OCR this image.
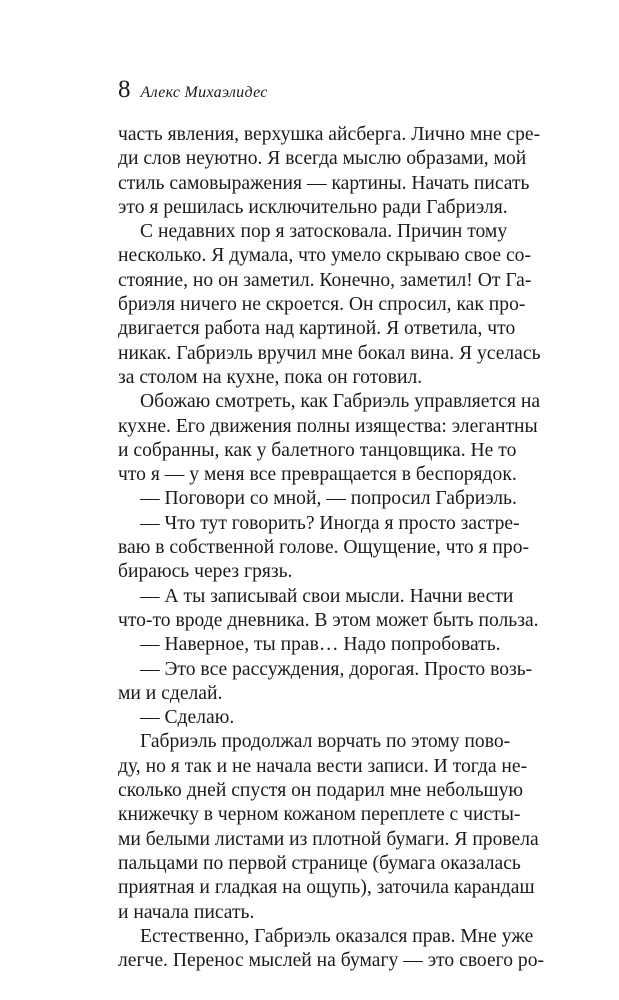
8 Алекс Михаэлидес
часть явления, верхушка айсберга. Лично мне сре-
ди слов неуютно. Я всегда мыслю образами, мой
стиль самовыражения — картины. Начать писать
это я решилась исключительно ради Габриэля.
С недавних пор я затосковала. Причин тому
несколько. Я думала, что умело скрываю свое со-
стояние, но он заметил. Конечно, заметил! От Га-
бриэля ничего не скроется. Он спросил, как про-
двигается работа над картиной. Я ответила, что
никак. Габриэль вручил мне бокал вина. Я уселась
за столом на кухне, пока он готовил.
Обожаю смотреть, как Габриэль управляется на
кухне. Его движения полны изящества: элегантны
и собранны, как у балетного танцовщика. Не то
что я — у меня все превращается в беспорядок.
— Поговори со мной, — попросил Габриэль.
— Что тут говорить? Иногда я просто застре-
ваю в собственной голове. Ощущение, что я про-
бираюсь через грязь.
— А ты записывай свои мысли. Начни вести
что-то вроде дневника. В этом может быть польза.
— Наверное, ты прав… Надо попробовать.
— Это все рассуждения, дорогая. Просто возь-
ми и сделай.
— Сделаю.
Габриэль продолжал ворчать по этому пово-
ду, но я так и не начала вести записи. И тогда не-
сколько дней спустя он подарил мне небольшую
книжечку в черном кожаном переплете с чисты-
ми белыми листами из плотной бумаги. Я провела
пальцами по первой странице (бумага оказалась
приятная и гладкая на ощупь), заточила карандаш
и начала писать.
Естественно, Габриэль оказался прав. Мне уже
легче. Перенос мыслей на бумагу — это своего ро-
